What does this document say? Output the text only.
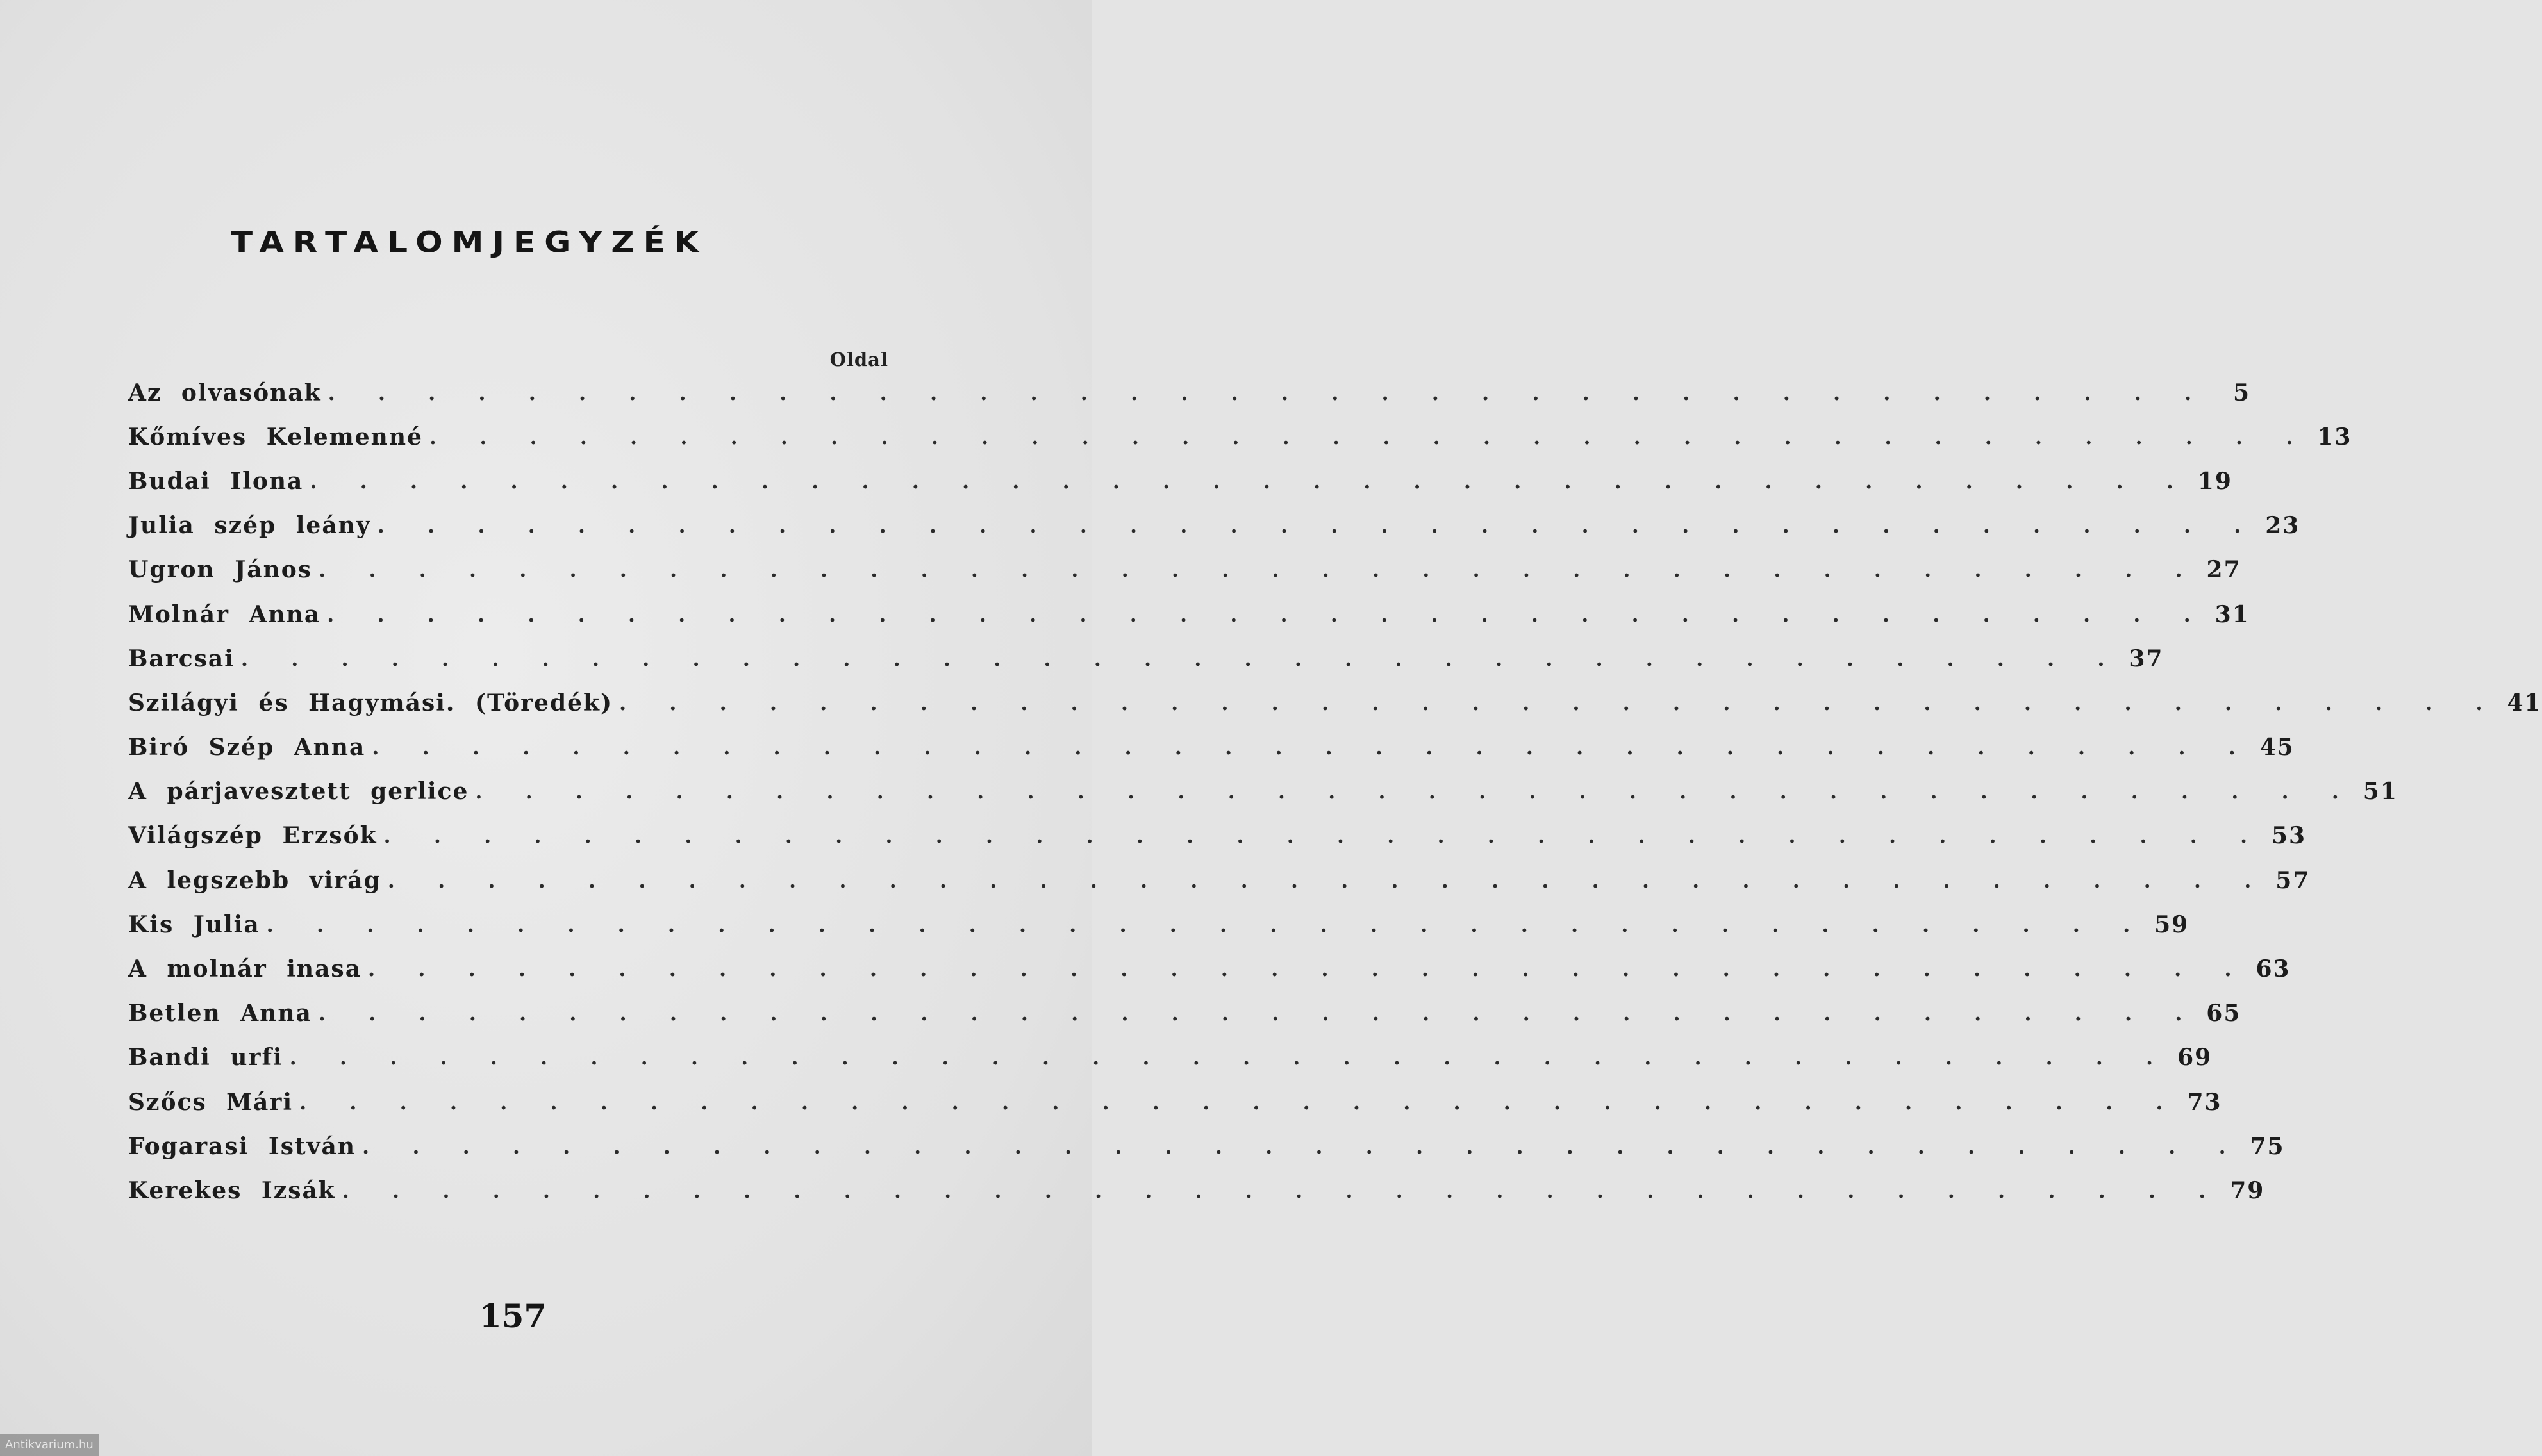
TARTALOMJEGYZÉK
Oldal
Az olvasónak . . . . . . . . . . . . . . . . . . . . . . . . . . . . . . . . . . . . . .	5
Kőmíves Kelemenné . . . . . . . . . . . . . . . . . . . . . . . . . . . . . . . . . . . . . . 13
Budai Ilona . . . . . . . . . . . . . . . . . . . . . . . . . . . . . . . . . . . . . . 19
Julia szép leány . . . . . . . . . . . . . . . . . . . . . . . . . . . . . . . . . . . . . . 23
Ugron János . . . . . . . . . . . . . . . . . . . . . . . . . . . . . . . . . . . . . . 27
Molnár Anna . . . . . . . . . . . . . . . . . . . . . . . . . . . . . . . . . . . . . . 31
Barcsai . . . . . . . . . . . . . . . . . . . . . . . . . . . . . . . . . . . . . . 37
Szilágyi és Hagymási. (Töredék) . . . . . . . . . . . . . . . . . . . . . . . . . . . . . . . . . . . . . . 41
Biró Szép Anna . . . . . . . . . . . . . . . . . . . . . . . . . . . . . . . . . . . . . . 45
A párjavesztett gerlice . . . . . . . . . . . . . . . . . . . . . . . . . . . . . . . . . . . . . . 51
Világszép Erzsók . . . . . . . . . . . . . . . . . . . . . . . . . . . . . . . . . . . . . . 53
A legszebb virág . . . . . . . . . . . . . . . . . . . . . . . . . . . . . . . . . . . . . . 57
Kis Julia . . . . . . . . . . . . . . . . . . . . . . . . . . . . . . . . . . . . . . 59
A molnár inasa . . . . . . . . . . . . . . . . . . . . . . . . . . . . . . . . . . . . . . 63
Betlen Anna . . . . . . . . . . . . . . . . . . . . . . . . . . . . . . . . . . . . . . 65
Bandi urfi . . . . . . . . . . . . . . . . . . . . . . . . . . . . . . . . . . . . . . 69
Szőcs Mári . . . . . . . . . . . . . . . . . . . . . . . . . . . . . . . . . . . . . . 73
Fogarasi István . . . . . . . . . . . . . . . . . . . . . . . . . . . . . . . . . . . . . . 75
Kerekes Izsák . . . . . . . . . . . . . . . . . . . . . . . . . . . . . . . . . . . . . . 79
157
Antikvarium.hu
